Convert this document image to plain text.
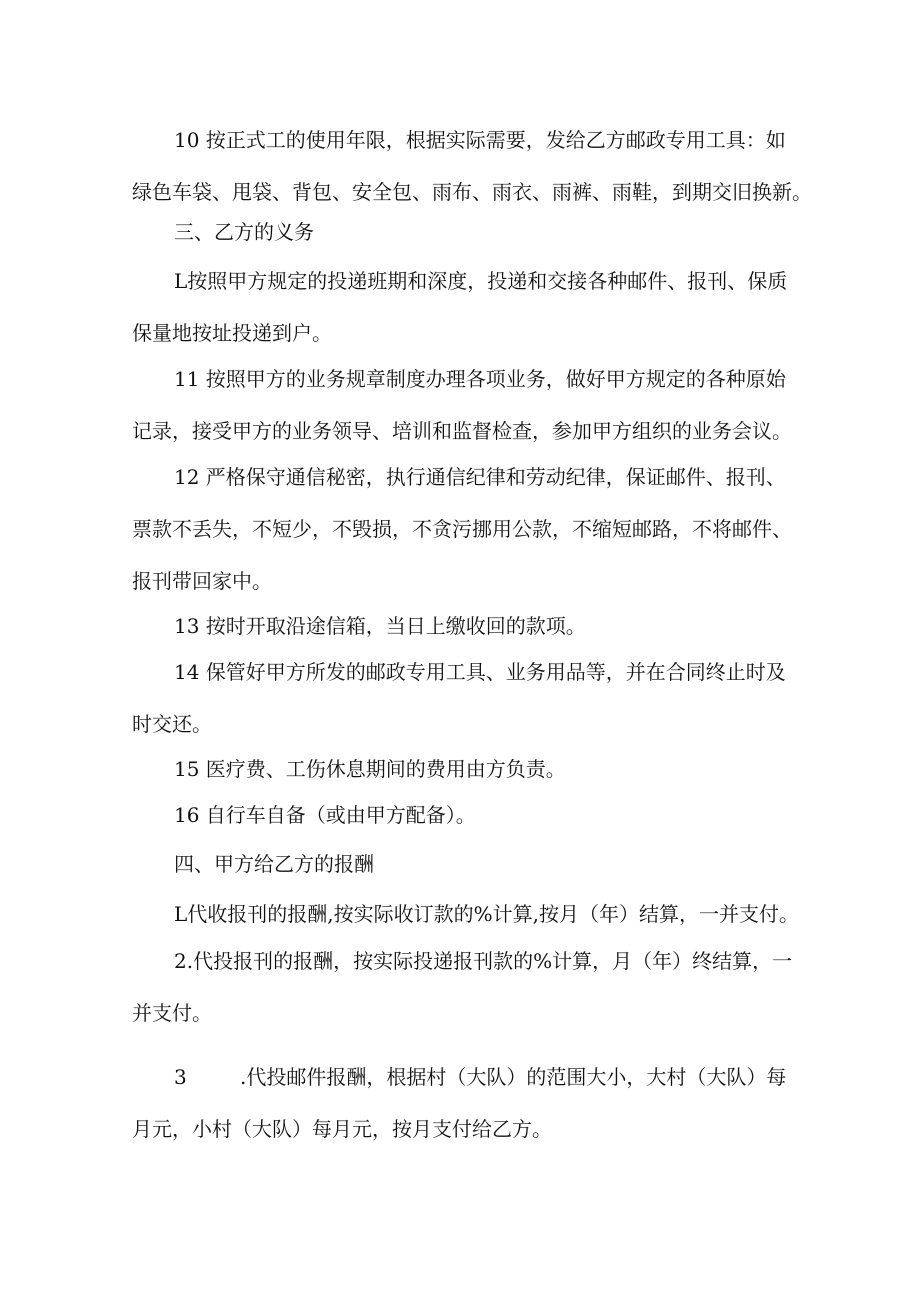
10 按正式工的使用年限，根据实际需要，发给乙方邮政专用工具：如
绿色车袋、甩袋、背包、安全包、雨布、雨衣、雨裤、雨鞋，到期交旧换新。

三、乙方的义务

L按照甲方规定的投递班期和深度，投递和交接各种邮件、报刊、保质
保量地按址投递到户。

11 按照甲方的业务规章制度办理各项业务，做好甲方规定的各种原始
记录，接受甲方的业务领导、培训和监督检查，参加甲方组织的业务会议。

12 严格保守通信秘密，执行通信纪律和劳动纪律，保证邮件、报刊、
票款不丢失，不短少，不毁损，不贪污挪用公款，不缩短邮路，不将邮件、
报刊带回家中。

13 按时开取沿途信箱，当日上缴收回的款项。

14 保管好甲方所发的邮政专用工具、业务用品等，并在合同终止时及
时交还。

15 医疗费、工伤休息期间的费用由方负责。

16 自行车自备（或由甲方配备）。

四、甲方给乙方的报酬

L代收报刊的报酬,按实际收订款的%计算,按月（年）结算，一并支付。

2.代投报刊的报酬，按实际投递报刊款的%计算，月（年）终结算，一
并支付。

3	.代投邮件报酬，根据村（大队）的范围大小，大村（大队）每
月元，小村（大队）每月元，按月支付给乙方。
